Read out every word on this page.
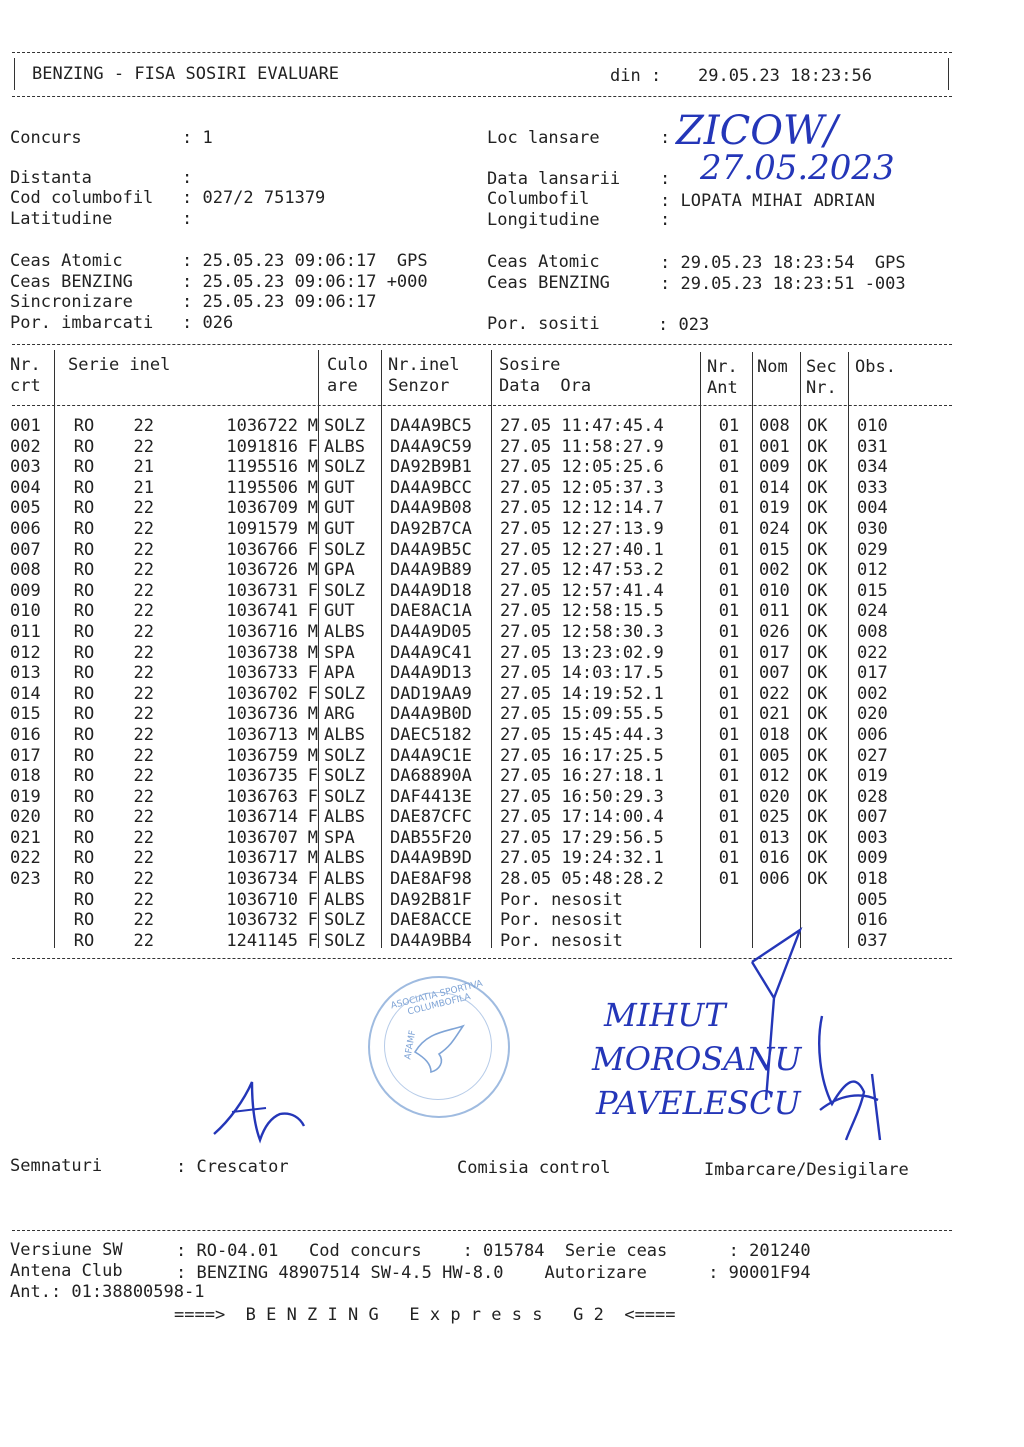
BENZING - FISA SOSIRI EVALUARE	din : 29.05.23 18:23:56
Concurs	: 1
Distanta	:
Cod columbofil : 027/2 751379
Latitudine	:
Ceas Atomic	: 25.05.23 09:06:17  GPS
Ceas BENZING	: 25.05.23 09:06:17 +000
Sincronizare	: 25.05.23 09:06:17
Por. imbarcati : 026
Loc lansare	:
Data lansarii :
Columbofil	: LOPATA MIHAI ADRIAN
Longitudine	:
Ceas Atomic	: 29.05.23 18:23:54  GPS
Ceas BENZING	: 29.05.23 18:23:51 -003
Por. sositi	: 023
ZICOW/
27.05.2023
Nr.
crt
Serie inel	Culo
are
Nr.inel
Senzor
Sosire
Data  Ora
Nr.
Ant
Nom Sec
Nr.
Obs.
001	RO	22	1036722	M	SOLZ	DA4A9BC5	27.05 11:47:45.4	01	008	OK	010
002	RO	22	1091816	F	ALBS	DA4A9C59	27.05 11:58:27.9	01	001	OK	031
003	RO	21	1195516	M	SOLZ	DA92B9B1	27.05 12:05:25.6	01	009	OK	034
004	RO	21	1195506	M	GUT	DA4A9BCC	27.05 12:05:37.3	01	014	OK	033
005	RO	22	1036709	M	GUT	DA4A9B08	27.05 12:12:14.7	01	019	OK	004
006	RO	22	1091579	M	GUT	DA92B7CA	27.05 12:27:13.9	01	024	OK	030
007	RO	22	1036766	F	SOLZ	DA4A9B5C	27.05 12:27:40.1	01	015	OK	029
008	RO	22	1036726	M	GPA	DA4A9B89	27.05 12:47:53.2	01	002	OK	012
009	RO	22	1036731	F	SOLZ	DA4A9D18	27.05 12:57:41.4	01	010	OK	015
010	RO	22	1036741	F	GUT	DAE8AC1A	27.05 12:58:15.5	01	011	OK	024
011	RO	22	1036716	M	ALBS	DA4A9D05	27.05 12:58:30.3	01	026	OK	008
012	RO	22	1036738	M	SPA	DA4A9C41	27.05 13:23:02.9	01	017	OK	022
013	RO	22	1036733	F	APA	DA4A9D13	27.05 14:03:17.5	01	007	OK	017
014	RO	22	1036702	F	SOLZ	DAD19AA9	27.05 14:19:52.1	01	022	OK	002
015	RO	22	1036736	M	ARG	DA4A9B0D	27.05 15:09:55.5	01	021	OK	020
016	RO	22	1036713	M	ALBS	DAEC5182	27.05 15:45:44.3	01	018	OK	006
017	RO	22	1036759	M	SOLZ	DA4A9C1E	27.05 16:17:25.5	01	005	OK	027
018	RO	22	1036735	F	SOLZ	DA68890A	27.05 16:27:18.1	01	012	OK	019
019	RO	22	1036763	F	SOLZ	DAF4413E	27.05 16:50:29.3	01	020	OK	028
020	RO	22	1036714	F	ALBS	DAE87CFC	27.05 17:14:00.4	01	025	OK	007
021	RO	22	1036707	M	SPA	DAB55F20	27.05 17:29:56.5	01	013	OK	003
022	RO	22	1036717	M	ALBS	DA4A9B9D	27.05 19:24:32.1	01	016	OK	009
023	RO	22	1036734	F	ALBS	DAE8AF98	28.05 05:48:28.2	01	006	OK	018
	RO	22	1036710	F	ALBS	DA92B81F	Por. nesosit				005
	RO	22	1036732	F	SOLZ	DAE8ACCE	Por. nesosit				016
	RO	22	1241145	F	SOLZ	DA4A9BB4	Por. nesosit				037
ASOCIATIA SPORTIVA COLUMBOFILA
AFAMF
MIHUT
MOROSANU
PAVELESCU
Semnaturi	: Crescator	Comisia control	Imbarcare/Desigilare
Versiune SW	: RO-04.01   Cod concurs    : 015784  Serie ceas      : 201240
Antena Club	: BENZING 48907514 SW-4.5 HW-8.0    Autorizare      : 90001F94
Ant.: 01:38800598-1
====>  B E N Z I N G   E x p r e s s   G 2  <====
